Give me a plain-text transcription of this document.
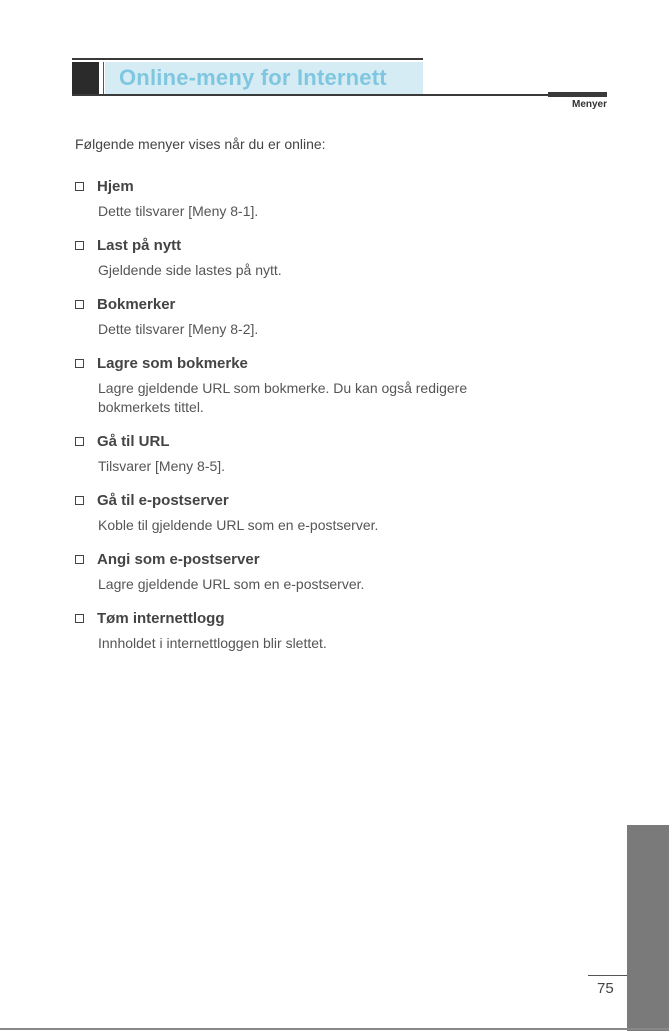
Online-meny for Internett
Menyer
Følgende menyer vises når du er online:
Hjem
Dette tilsvarer [Meny 8-1].
Last på nytt
Gjeldende side lastes på nytt.
Bokmerker
Dette tilsvarer [Meny 8-2].
Lagre som bokmerke
Lagre gjeldende URL som bokmerke. Du kan også redigere bokmerkets tittel.
Gå til URL
Tilsvarer [Meny 8-5].
Gå til e-postserver
Koble til gjeldende URL som en e-postserver.
Angi som e-postserver
Lagre gjeldende URL som en e-postserver.
Tøm internettlogg
Innholdet i internettloggen blir slettet.
75
